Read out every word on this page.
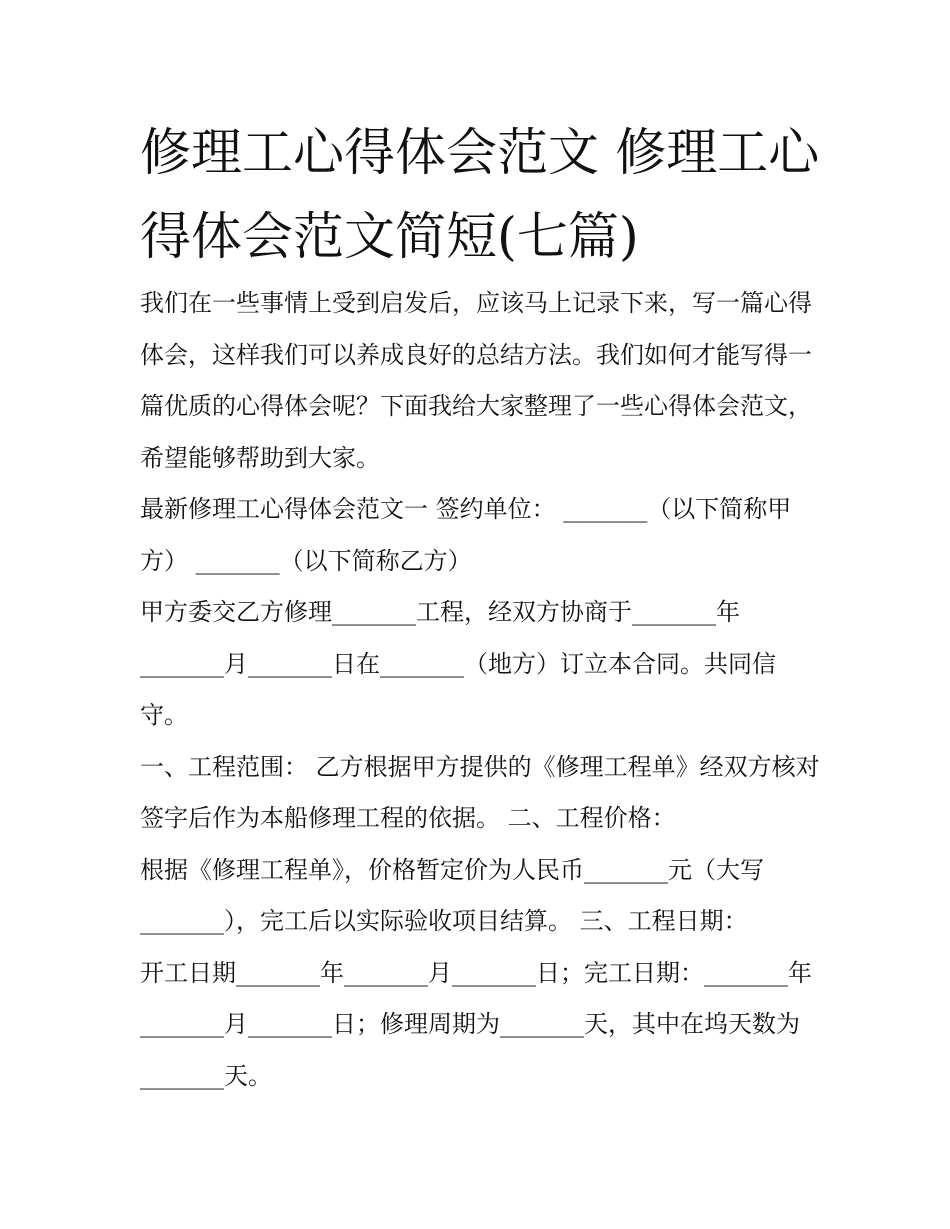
修理工心得体会范文 修理工心得体会范文简短(七篇)

我们在一些事情上受到启发后，应该马上记录下来，写一篇心得体会，这样我们可以养成良好的总结方法。我们如何才能写得一篇优质的心得体会呢？下面我给大家整理了一些心得体会范文，希望能够帮助到大家。

最新修理工心得体会范文一 签约单位： _______（以下简称甲方） _______（以下简称乙方）

甲方委交乙方修理_______工程，经双方协商于_______年_______月_______日在_______（地方）订立本合同。共同信守。

一、工程范围： 乙方根据甲方提供的《修理工程单》经双方核对签字后作为本船修理工程的依据。 二、工程价格：

根据《修理工程单》，价格暂定价为人民币_______元（大写_______），完工后以实际验收项目结算。 三、工程日期：

开工日期_______年_______月_______日；完工日期：_______年_______月_______日；修理周期为_______天，其中在坞天数为_______天。
